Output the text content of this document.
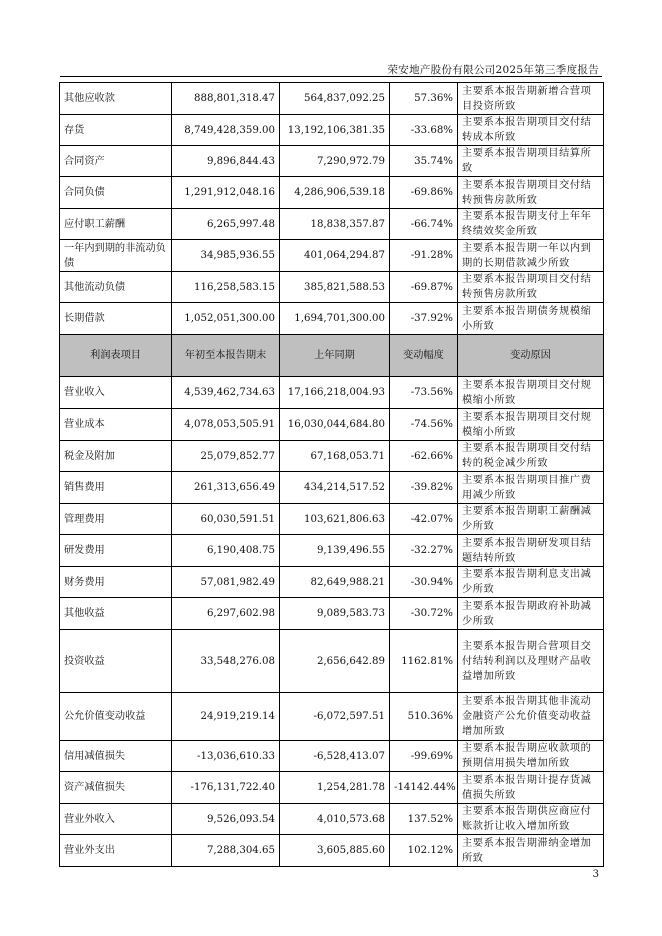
荣安地产股份有限公司2025年第三季度报告
其他应收款	888,801,318.47	564,837,092.25	57.36%	主要系本报告期新增合营项目投资所致
存货	8,749,428,359.00	13,192,106,381.35	-33.68%	主要系本报告期项目交付结转成本所致
合同资产	9,896,844.43	7,290,972.79	35.74%	主要系本报告期项目结算所致
合同负债	1,291,912,048.16	4,286,906,539.18	-69.86%	主要系本报告期项目交付结转预售房款所致
应付职工薪酬	6,265,997.48	18,838,357.87	-66.74%	主要系本报告期支付上年年终绩效奖金所致
一年内到期的非流动负债	34,985,936.55	401,064,294.87	-91.28%	主要系本报告期一年以内到期的长期借款减少所致
其他流动负债	116,258,583.15	385,821,588.53	-69.87%	主要系本报告期项目交付结转预售房款所致
长期借款	1,052,051,300.00	1,694,701,300.00	-37.92%	主要系本报告期债务规模缩小所致
利润表项目	年初至本报告期末	上年同期	变动幅度	变动原因
营业收入	4,539,462,734.63	17,166,218,004.93	-73.56%	主要系本报告期项目交付规模缩小所致
营业成本	4,078,053,505.91	16,030,044,684.80	-74.56%	主要系本报告期项目交付规模缩小所致
税金及附加	25,079,852.77	67,168,053.71	-62.66%	主要系本报告期项目交付结转的税金减少所致
销售费用	261,313,656.49	434,214,517.52	-39.82%	主要系本报告期项目推广费用减少所致
管理费用	60,030,591.51	103,621,806.63	-42.07%	主要系本报告期职工薪酬减少所致
研发费用	6,190,408.75	9,139,496.55	-32.27%	主要系本报告期研发项目结题结转所致
财务费用	57,081,982.49	82,649,988.21	-30.94%	主要系本报告期利息支出减少所致
其他收益	6,297,602.98	9,089,583.73	-30.72%	主要系本报告期政府补助减少所致
投资收益	33,548,276.08	2,656,642.89	1162.81%	主要系本报告期合营项目交付结转利润以及理财产品收益增加所致
公允价值变动收益	24,919,219.14	-6,072,597.51	510.36%	主要系本报告期其他非流动金融资产公允价值变动收益增加所致
信用减值损失	-13,036,610.33	-6,528,413.07	-99.69%	主要系本报告期应收款项的预期信用损失增加所致
资产减值损失	-176,131,722.40	1,254,281.78	-14142.44%	主要系本报告期计提存货减值损失所致
营业外收入	9,526,093.54	4,010,573.68	137.52%	主要系本报告期供应商应付账款折让收入增加所致
营业外支出	7,288,304.65	3,605,885.60	102.12%	主要系本报告期滞纳金增加所致
3
